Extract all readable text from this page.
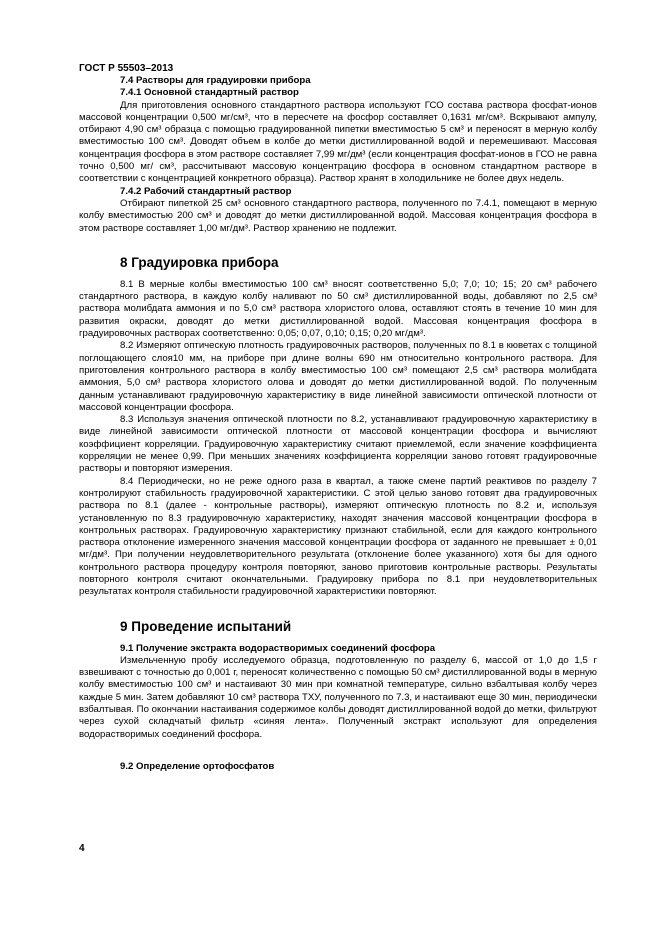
ГОСТ Р 55503–2013
7.4 Растворы для градуировки прибора
7.4.1 Основной стандартный раствор
Для приготовления основного стандартного раствора используют ГСО состава раствора фосфат-ионов массовой концентрации 0,500 мг/см³, что в пересчете на фосфор составляет 0,1631 мг/см³. Вскрывают ампулу, отбирают 4,90 см³ образца с помощью градуированной пипетки вместимостью 5 см³ и переносят в мерную колбу вместимостью 100 см³. Доводят объем в колбе до метки дистиллированной водой и перемешивают. Массовая концентрация фосфора в этом растворе составляет 7,99 мг/дм³ (если концентрация фосфат-ионов в ГСО не равна точно 0,500 мг/ см³, рассчитывают массовую концентрацию фосфора в основном стандартном растворе в соответствии с концентрацией конкретного образца). Раствор хранят в холодильнике не более двух недель.
7.4.2 Рабочий стандартный раствор
Отбирают пипеткой 25 см³ основного стандартного раствора, полученного по 7.4.1, помещают в мерную колбу вместимостью 200 см³ и доводят до метки дистиллированной водой. Массовая концентрация фосфора в этом растворе составляет 1,00 мг/дм³. Раствор хранению не подлежит.
8 Градуировка прибора
8.1 В мерные колбы вместимостью 100 см³ вносят соответственно 5,0; 7,0; 10; 15; 20 см³ рабочего стандартного раствора, в каждую колбу наливают по 50 см³ дистиллированной воды, добавляют по 2,5 см³ раствора молибдата аммония и по 5,0 см³ раствора хлористого олова, оставляют стоять в течение 10 мин для развития окраски, доводят до метки дистиллированной водой. Массовая концентрация фосфора в градуировочных растворах соответственно: 0,05; 0,07, 0,10; 0,15; 0,20 мг/дм³.
8.2 Измеряют оптическую плотность градуировочных растворов, полученных по 8.1 в кюветах с толщиной поглощающего слоя10 мм, на приборе при длине волны 690 нм относительно контрольного раствора. Для приготовления контрольного раствора в колбу вместимостью 100 см³ помещают 2,5 см³ раствора молибдата аммония, 5,0 см³ раствора хлористого олова и доводят до метки дистиллированной водой. По полученным данным устанавливают градуировочную характеристику в виде линейной зависимости оптической плотности от массовой концентрации фосфора.
8.3 Используя значения оптической плотности по 8.2, устанавливают градуировочную характеристику в виде линейной зависимости оптической плотности от массовой концентрации фосфора и вычисляют коэффициент корреляции. Градуировочную характеристику считают приемлемой, если значение коэффициента корреляции не менее 0,99. При меньших значениях коэффициента корреляции заново готовят градуировочные растворы и повторяют измерения.
8.4 Периодически, но не реже одного раза в квартал, а также смене партий реактивов по разделу 7 контролируют стабильность градуировочной характеристики. С этой целью заново готовят два градуировочных раствора по 8.1 (далее - контрольные растворы), измеряют оптическую плотность по 8.2 и, используя установленную по 8.3 градуировочную характеристику, находят значения массовой концентрации фосфора в контрольных растворах. Градуировочную характеристику признают стабильной, если для каждого контрольного раствора отклонение измеренного значения массовой концентрации фосфора от заданного не превышает ± 0,01 мг/дм³. При получении неудовлетворительного результата (отклонение более указанного) хотя бы для одного контрольного раствора процедуру контроля повторяют, заново приготовив контрольные растворы. Результаты повторного контроля считают окончательными. Градуировку прибора по 8.1 при неудовлетворительных результатах контроля стабильности градуировочной характеристики повторяют.
9 Проведение испытаний
9.1 Получение экстракта водорастворимых соединений фосфора
Измельченную пробу исследуемого образца, подготовленную по разделу 6, массой от 1,0 до 1,5 г взвешивают с точностью до 0,001 г, переносят количественно с помощью 50 см³ дистиллированной воды в мерную колбу вместимостью 100 см³ и настаивают 30 мин при комнатной температуре, сильно взбалтывая колбу через каждые 5 мин. Затем добавляют 10 см³ раствора ТХУ, полученного по 7.3, и настаивают еще 30 мин, периодически взбалтывая. По окончании настаивания содержимое колбы доводят дистиллированной водой до метки, фильтруют через сухой складчатый фильтр «синяя лента». Полученный экстракт используют для определения водорастворимых соединений фосфора.
9.2 Определение ортофосфатов
4
